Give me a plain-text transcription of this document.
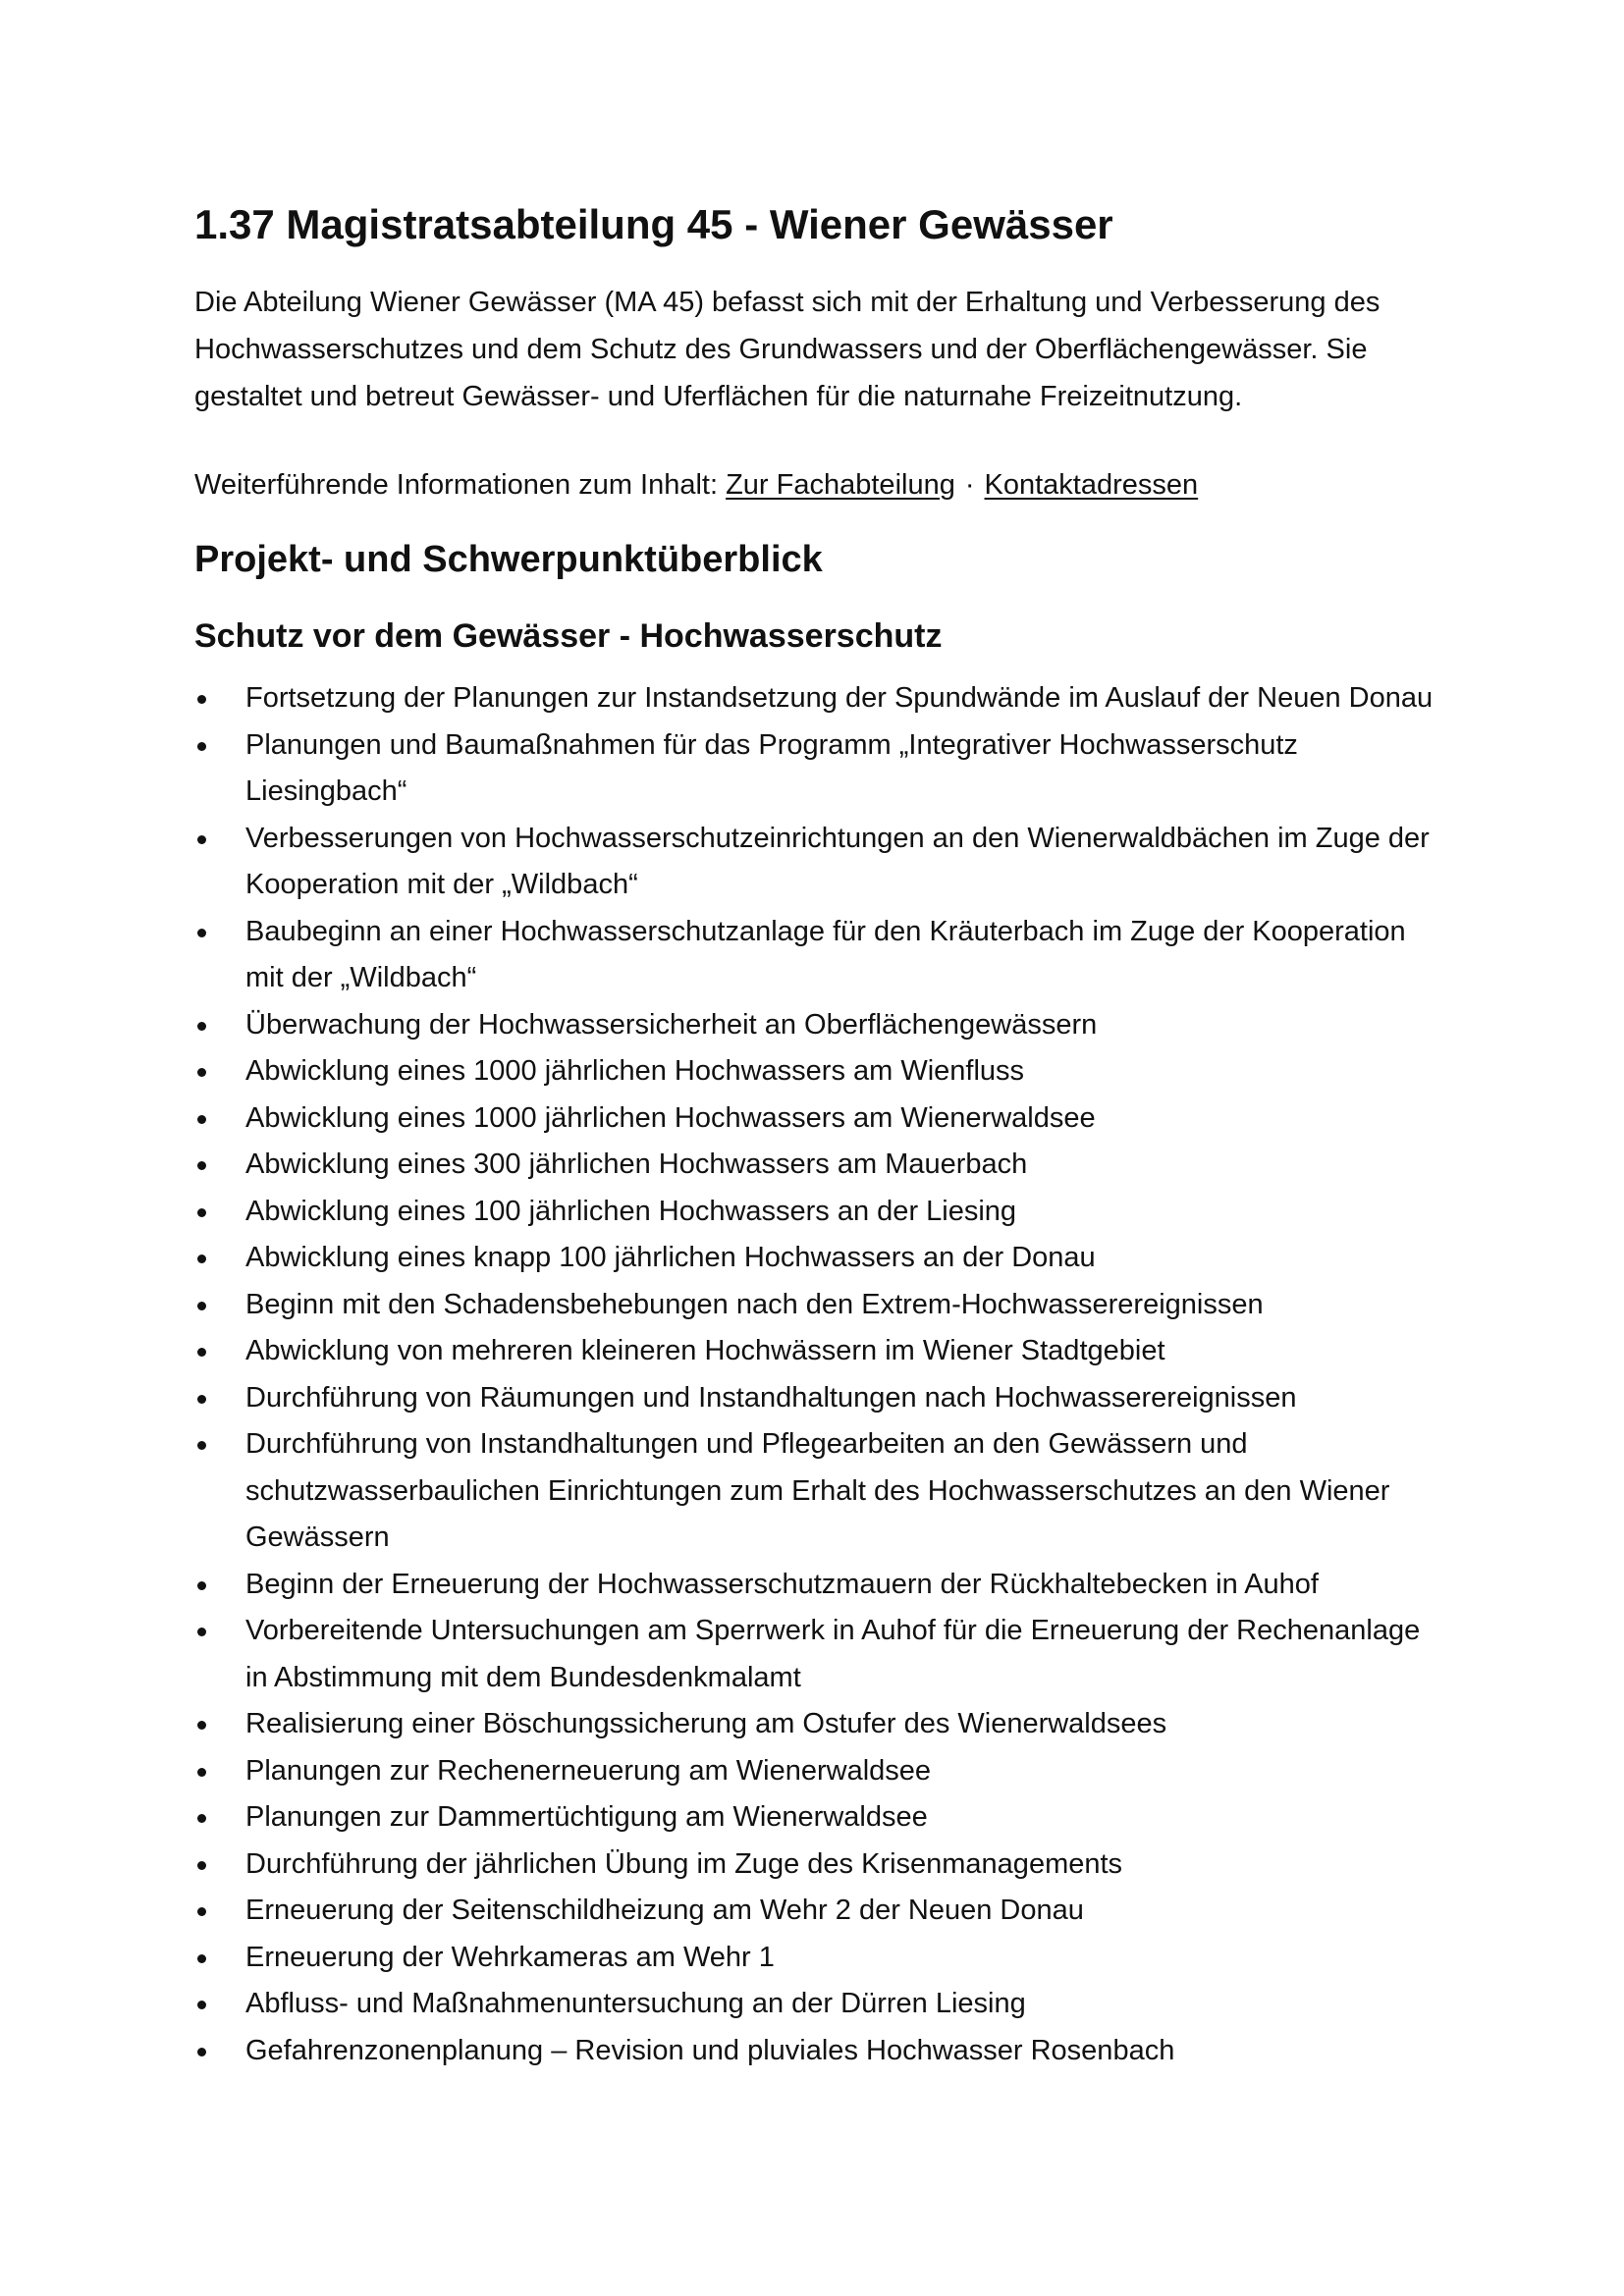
1.37 Magistratsabteilung 45 - Wiener Gewässer

Die Abteilung Wiener Gewässer (MA 45) befasst sich mit der Erhaltung und Verbesserung des Hochwasserschutzes und dem Schutz des Grundwassers und der Oberflächengewässer. Sie gestaltet und betreut Gewässer- und Uferflächen für die naturnahe Freizeitnutzung.

Weiterführende Informationen zum Inhalt: Zur Fachabteilung · Kontaktadressen

Projekt- und Schwerpunktüberblick
Schutz vor dem Gewässer - Hochwasserschutz
Fortsetzung der Planungen zur Instandsetzung der Spundwände im Auslauf der Neuen Donau
Planungen und Baumaßnahmen für das Programm „Integrativer Hochwasserschutz Liesingbach“
Verbesserungen von Hochwasserschutzeinrichtungen an den Wienerwaldbächen im Zuge der Kooperation mit der „Wildbach“
Baubeginn an einer Hochwasserschutzanlage für den Kräuterbach im Zuge der Kooperation mit der „Wildbach“
Überwachung der Hochwassersicherheit an Oberflächengewässern
Abwicklung eines 1000 jährlichen Hochwassers am Wienfluss
Abwicklung eines 1000 jährlichen Hochwassers am Wienerwaldsee
Abwicklung eines 300 jährlichen Hochwassers am Mauerbach
Abwicklung eines 100 jährlichen Hochwassers an der Liesing
Abwicklung eines knapp 100 jährlichen Hochwassers an der Donau
Beginn mit den Schadensbehebungen nach den Extrem-Hochwasserereignissen
Abwicklung von mehreren kleineren Hochwässern im Wiener Stadtgebiet
Durchführung von Räumungen und Instandhaltungen nach Hochwasserereignissen
Durchführung von Instandhaltungen und Pflegearbeiten an den Gewässern und schutzwasserbaulichen Einrichtungen zum Erhalt des Hochwasserschutzes an den Wiener Gewässern
Beginn der Erneuerung der Hochwasserschutzmauern der Rückhaltebecken in Auhof
Vorbereitende Untersuchungen am Sperrwerk in Auhof für die Erneuerung der Rechenanlage in Abstimmung mit dem Bundesdenkmalamt
Realisierung einer Böschungssicherung am Ostufer des Wienerwaldsees
Planungen zur Rechenerneuerung am Wienerwaldsee
Planungen zur Dammertüchtigung am Wienerwaldsee
Durchführung der jährlichen Übung im Zuge des Krisenmanagements
Erneuerung der Seitenschildheizung am Wehr 2 der Neuen Donau
Erneuerung der Wehrkameras am Wehr 1
Abfluss- und Maßnahmenuntersuchung an der Dürren Liesing
Gefahrenzonenplanung – Revision und pluviales Hochwasser Rosenbach
